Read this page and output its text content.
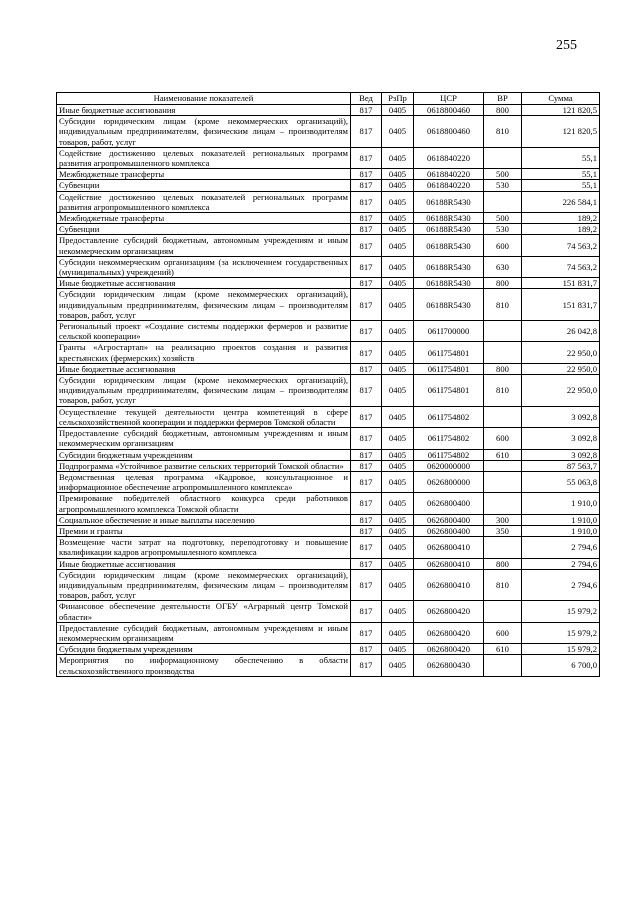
255
Наименование показателей	Вед	РзПр	ЦСР	ВР	Сумма
Иные бюджетные ассигнования	817	0405	0618800460	800	121 820,5
Субсидии юридическим лицам (кроме некоммерческих организаций), индивидуальным предпринимателям, физическим лицам – производителям товаров, работ, услуг	817	0405	0618800460	810	121 820,5
Содействие достижению целевых показателей региональных программ развития агропромышленного комплекса	817	0405	0618840220		55,1
Межбюджетные трансферты	817	0405	0618840220	500	55,1
Субвенции	817	0405	0618840220	530	55,1
Содействие достижению целевых показателей региональных программ развития агропромышленного комплекса	817	0405	06188R5430		226 584,1
Межбюджетные трансферты	817	0405	06188R5430	500	189,2
Субвенции	817	0405	06188R5430	530	189,2
Предоставление субсидий бюджетным, автономным учреждениям и иным некоммерческим организациям	817	0405	06188R5430	600	74 563,2
Субсидии некоммерческим организациям (за исключением государственных (муниципальных) учреждений)	817	0405	06188R5430	630	74 563,2
Иные бюджетные ассигнования	817	0405	06188R5430	800	151 831,7
Субсидии юридическим лицам (кроме некоммерческих организаций), индивидуальным предпринимателям, физическим лицам – производителям товаров, работ, услуг	817	0405	06188R5430	810	151 831,7
Региональный проект «Создание системы поддержки фермеров и развитие сельской кооперации»	817	0405	061I700000		26 042,8
Гранты «Агростартап» на реализацию проектов создания и развития крестьянских (фермерских) хозяйств	817	0405	061I754801		22 950,0
Иные бюджетные ассигнования	817	0405	061I754801	800	22 950,0
Субсидии юридическим лицам (кроме некоммерческих организаций), индивидуальным предпринимателям, физическим лицам – производителям товаров, работ, услуг	817	0405	061I754801	810	22 950,0
Осуществление текущей деятельности центра компетенций в сфере сельскохозяйственной кооперации и поддержки фермеров Томской области	817	0405	061I754802		3 092,8
Предоставление субсидий бюджетным, автономным учреждениям и иным некоммерческим организациям	817	0405	061I754802	600	3 092,8
Субсидии бюджетным учреждениям	817	0405	061I754802	610	3 092,8
Подпрограмма «Устойчивое развитие сельских территорий Томской области»	817	0405	0620000000		87 563,7
Ведомственная целевая программа «Кадровое, консультационное и информационное обеспечение агропромышленного комплекса»	817	0405	0626800000		55 063,8
Премирование победителей областного конкурса среди работников агропромышленного комплекса Томской области	817	0405	0626800400		1 910,0
Социальное обеспечение и иные выплаты населению	817	0405	0626800400	300	1 910,0
Премии и гранты	817	0405	0626800400	350	1 910,0
Возмещение части затрат на подготовку, переподготовку и повышение квалификации кадров агропромышленного комплекса	817	0405	0626800410		2 794,6
Иные бюджетные ассигнования	817	0405	0626800410	800	2 794,6
Субсидии юридическим лицам (кроме некоммерческих организаций), индивидуальным предпринимателям, физическим лицам – производителям товаров, работ, услуг	817	0405	0626800410	810	2 794,6
Финансовое обеспечение деятельности ОГБУ «Аграрный центр Томской области»	817	0405	0626800420		15 979,2
Предоставление субсидий бюджетным, автономным учреждениям и иным некоммерческим организациям	817	0405	0626800420	600	15 979,2
Субсидии бюджетным учреждениям	817	0405	0626800420	610	15 979,2
Мероприятия по информационному обеспечению в области сельскохозяйственного производства	817	0405	0626800430		6 700,0
